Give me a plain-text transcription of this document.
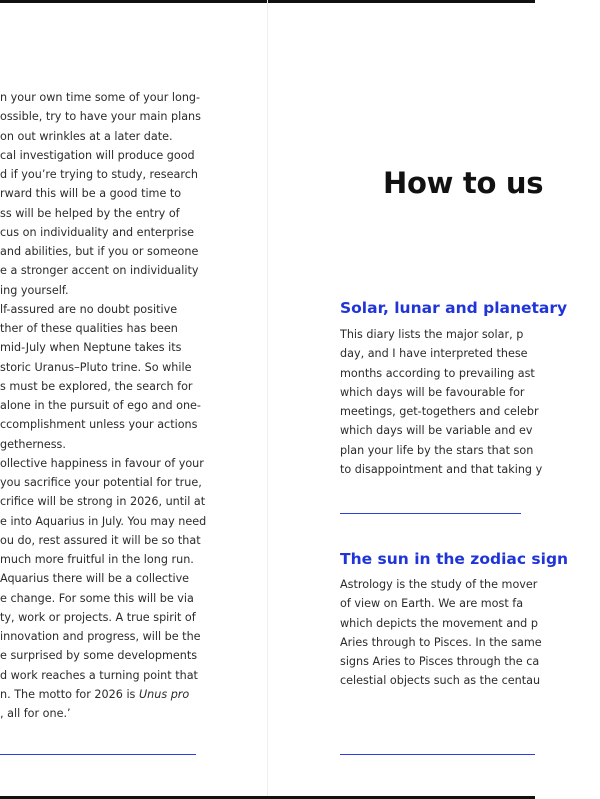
n your own time some of your long-
ossible, try to have your main plans
on out wrinkles at a later date.
cal investigation will produce good
d if you’re trying to study, research
rward this will be a good time to
ss will be helped by the entry of
cus on individuality and enterprise
and abilities, but if you or someone
e a stronger accent on individuality
ing yourself.
lf-assured are no doubt positive
ther of these qualities has been
mid-July when Neptune takes its
storic Uranus–Pluto trine. So while
s must be explored, the search for
alone in the pursuit of ego and one-
ccomplishment unless your actions
getherness.
ollective happiness in favour of your
you sacrifice your potential for true,
crifice will be strong in 2026, until at
e into Aquarius in July. You may need
ou do, rest assured it will be so that
much more fruitful in the long run.
Aquarius there will be a collective
e change. For some this will be via
ty, work or projects. A true spirit of
innovation and progress, will be the
e surprised by some developments
d work reaches a turning point that
n. The motto for 2026 is Unus pro
, all for one.’
How to us
Solar, lunar and planetary
This diary lists the major solar, p
day, and I have interpreted these
months according to prevailing ast
which days will be favourable for
meetings, get-togethers and celebr
which days will be variable and ev
plan your life by the stars that son
to disappointment and that taking y
The sun in the zodiac sign
Astrology is the study of the mover
of view on Earth. We are most fa
which depicts the movement and p
Aries through to Pisces. In the same
signs Aries to Pisces through the ca
celestial objects such as the centau
